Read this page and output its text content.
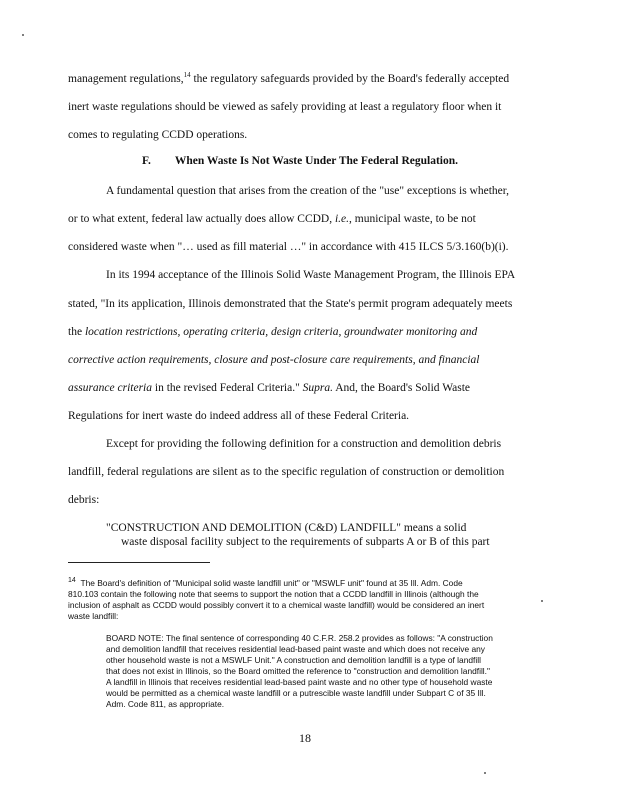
management regulations,$^{14}$ the regulatory safeguards provided by the Board's federally accepted
inert waste regulations should be viewed as safely providing at least a regulatory floor when it
comes to regulating CCDD operations.
F. When Waste Is Not Waste Under The Federal Regulation.
A fundamental question that arises from the creation of the "use" exceptions is whether,
or to what extent, federal law actually does allow CCDD, i.e., municipal waste, to be not
considered waste when "… used as fill material …" in accordance with 415 ILCS 5/3.160(b)(i).
In its 1994 acceptance of the Illinois Solid Waste Management Program, the Illinois EPA
stated, "In its application, Illinois demonstrated that the State's permit program adequately meets
the location restrictions, operating criteria, design criteria, groundwater monitoring and
corrective action requirements, closure and post-closure care requirements, and financial
assurance criteria in the revised Federal Criteria." Supra. And, the Board's Solid Waste
Regulations for inert waste do indeed address all of these Federal Criteria.
Except for providing the following definition for a construction and demolition debris
landfill, federal regulations are silent as to the specific regulation of construction or demolition
debris:
"CONSTRUCTION AND DEMOLITION (C&D) LANDFILL" means a solid
waste disposal facility subject to the requirements of subparts A or B of this part
$^{14}$ The Board's definition of "Municipal solid waste landfill unit" or "MSWLF unit" found at 35 Ill. Adm. Code
810.103 contain the following note that seems to support the notion that a CCDD landfill in Illinois (although the
inclusion of asphalt as CCDD would possibly convert it to a chemical waste landfill) would be considered an inert
waste landfill:
BOARD NOTE: The final sentence of corresponding 40 C.F.R. 258.2 provides as follows: "A construction
and demolition landfill that receives residential lead-based paint waste and which does not receive any
other household waste is not a MSWLF Unit." A construction and demolition landfill is a type of landfill
that does not exist in Illinois, so the Board omitted the reference to "construction and demolition landfill."
A landfill in Illinois that receives residential lead-based paint waste and no other type of household waste
would be permitted as a chemical waste landfill or a putrescible waste landfill under Subpart C of 35 Ill.
Adm. Code 811, as appropriate.
18
